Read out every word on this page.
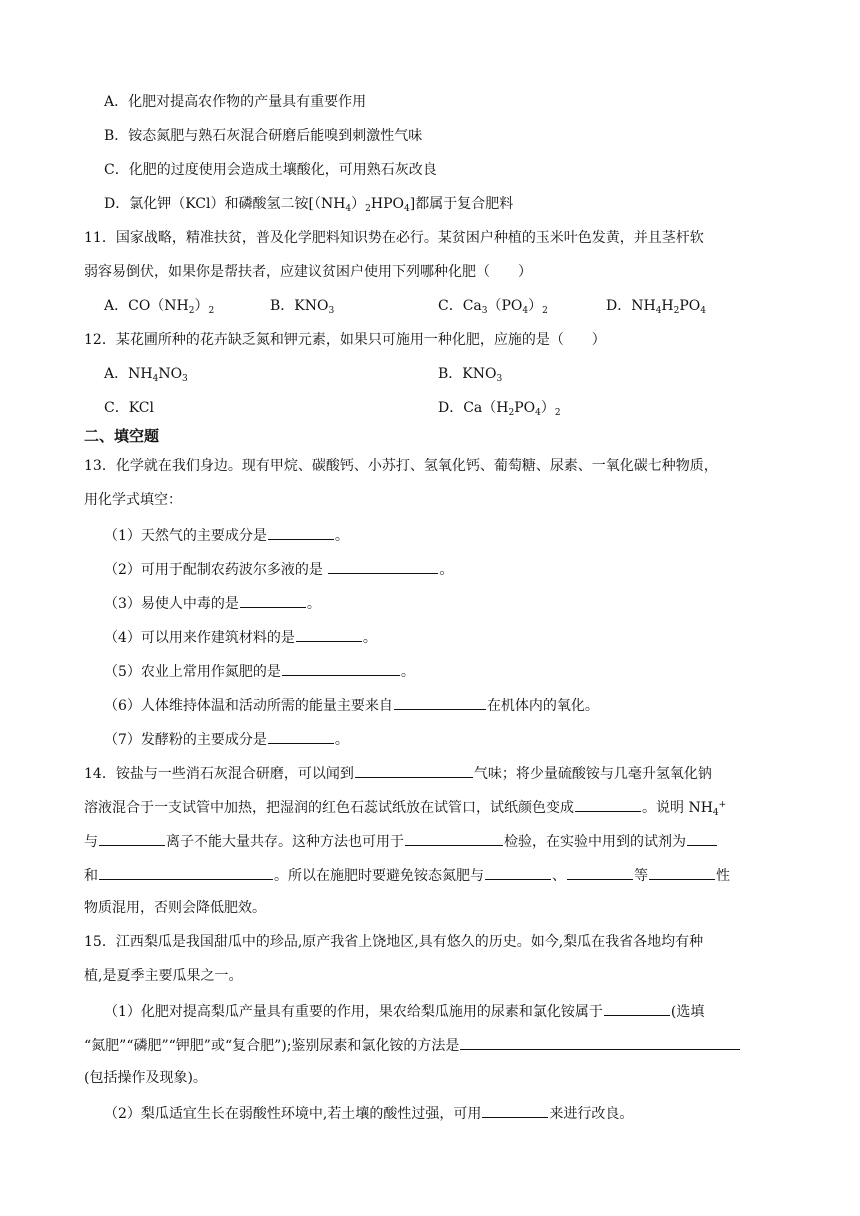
A．化肥对提高农作物的产量具有重要作用
B．铵态氮肥与熟石灰混合研磨后能嗅到刺激性气味
C．化肥的过度使用会造成土壤酸化，可用熟石灰改良
D．氯化钾（KCl）和磷酸氢二铵$[(NH_4)_2HPO_4]$都属于复合肥料
11．国家战略，精准扶贫，普及化学肥料知识势在必行。某贫困户种植的玉米叶色发黄，并且茎杆软
弱容易倒伏，如果你是帮扶者，应建议贫困户使用下列哪种化肥（　　）
A．$CO(NH_2)_2$	B．$KNO_3$	C．$Ca_3(PO_4)_2$	D．$NH_4H_2PO_4$
12．某花圃所种的花卉缺乏氮和钾元素，如果只可施用一种化肥，应施的是（　　）
A．$NH_4NO_3$	B．$KNO_3$
C．KCl	D．$Ca(H_2PO_4)_2$
二、填空题
13．化学就在我们身边。现有甲烷、碳酸钙、小苏打、氢氧化钙、葡萄糖、尿素、一氧化碳七种物质，
用化学式填空：
（1）天然气的主要成分是	。
（2）可用于配制农药波尔多液的是	。
（3）易使人中毒的是	。
（4）可以用来作建筑材料的是	。
（5）农业上常用作氮肥的是	。
（6）人体维持体温和活动所需的能量主要来自	在机体内的氧化。
（7）发酵粉的主要成分是	。
14．铵盐与一些消石灰混合研磨，可以闻到	气味；将少量硫酸铵与几毫升氢氧化钠
溶液混合于一支试管中加热，把湿润的红色石蕊试纸放在试管口，试纸颜色变成	。说明 $NH_4^+$
与	离子不能大量共存。这种方法也可用于	检验，在实验中用到的试剂为
和	。所以在施肥时要避免铵态氮肥与	、	等	性
物质混用，否则会降低肥效。
15．江西梨瓜是我国甜瓜中的珍品,原产我省上饶地区,具有悠久的历史。如今,梨瓜在我省各地均有种
植,是夏季主要瓜果之一。
（1）化肥对提高梨瓜产量具有重要的作用，果农给梨瓜施用的尿素和氯化铵属于	(选填
“氮肥”“磷肥”“钾肥”或“复合肥”);鉴别尿素和氯化铵的方法是
(包括操作及现象)。
（2）梨瓜适宜生长在弱酸性环境中,若土壤的酸性过强，可用	来进行改良。
